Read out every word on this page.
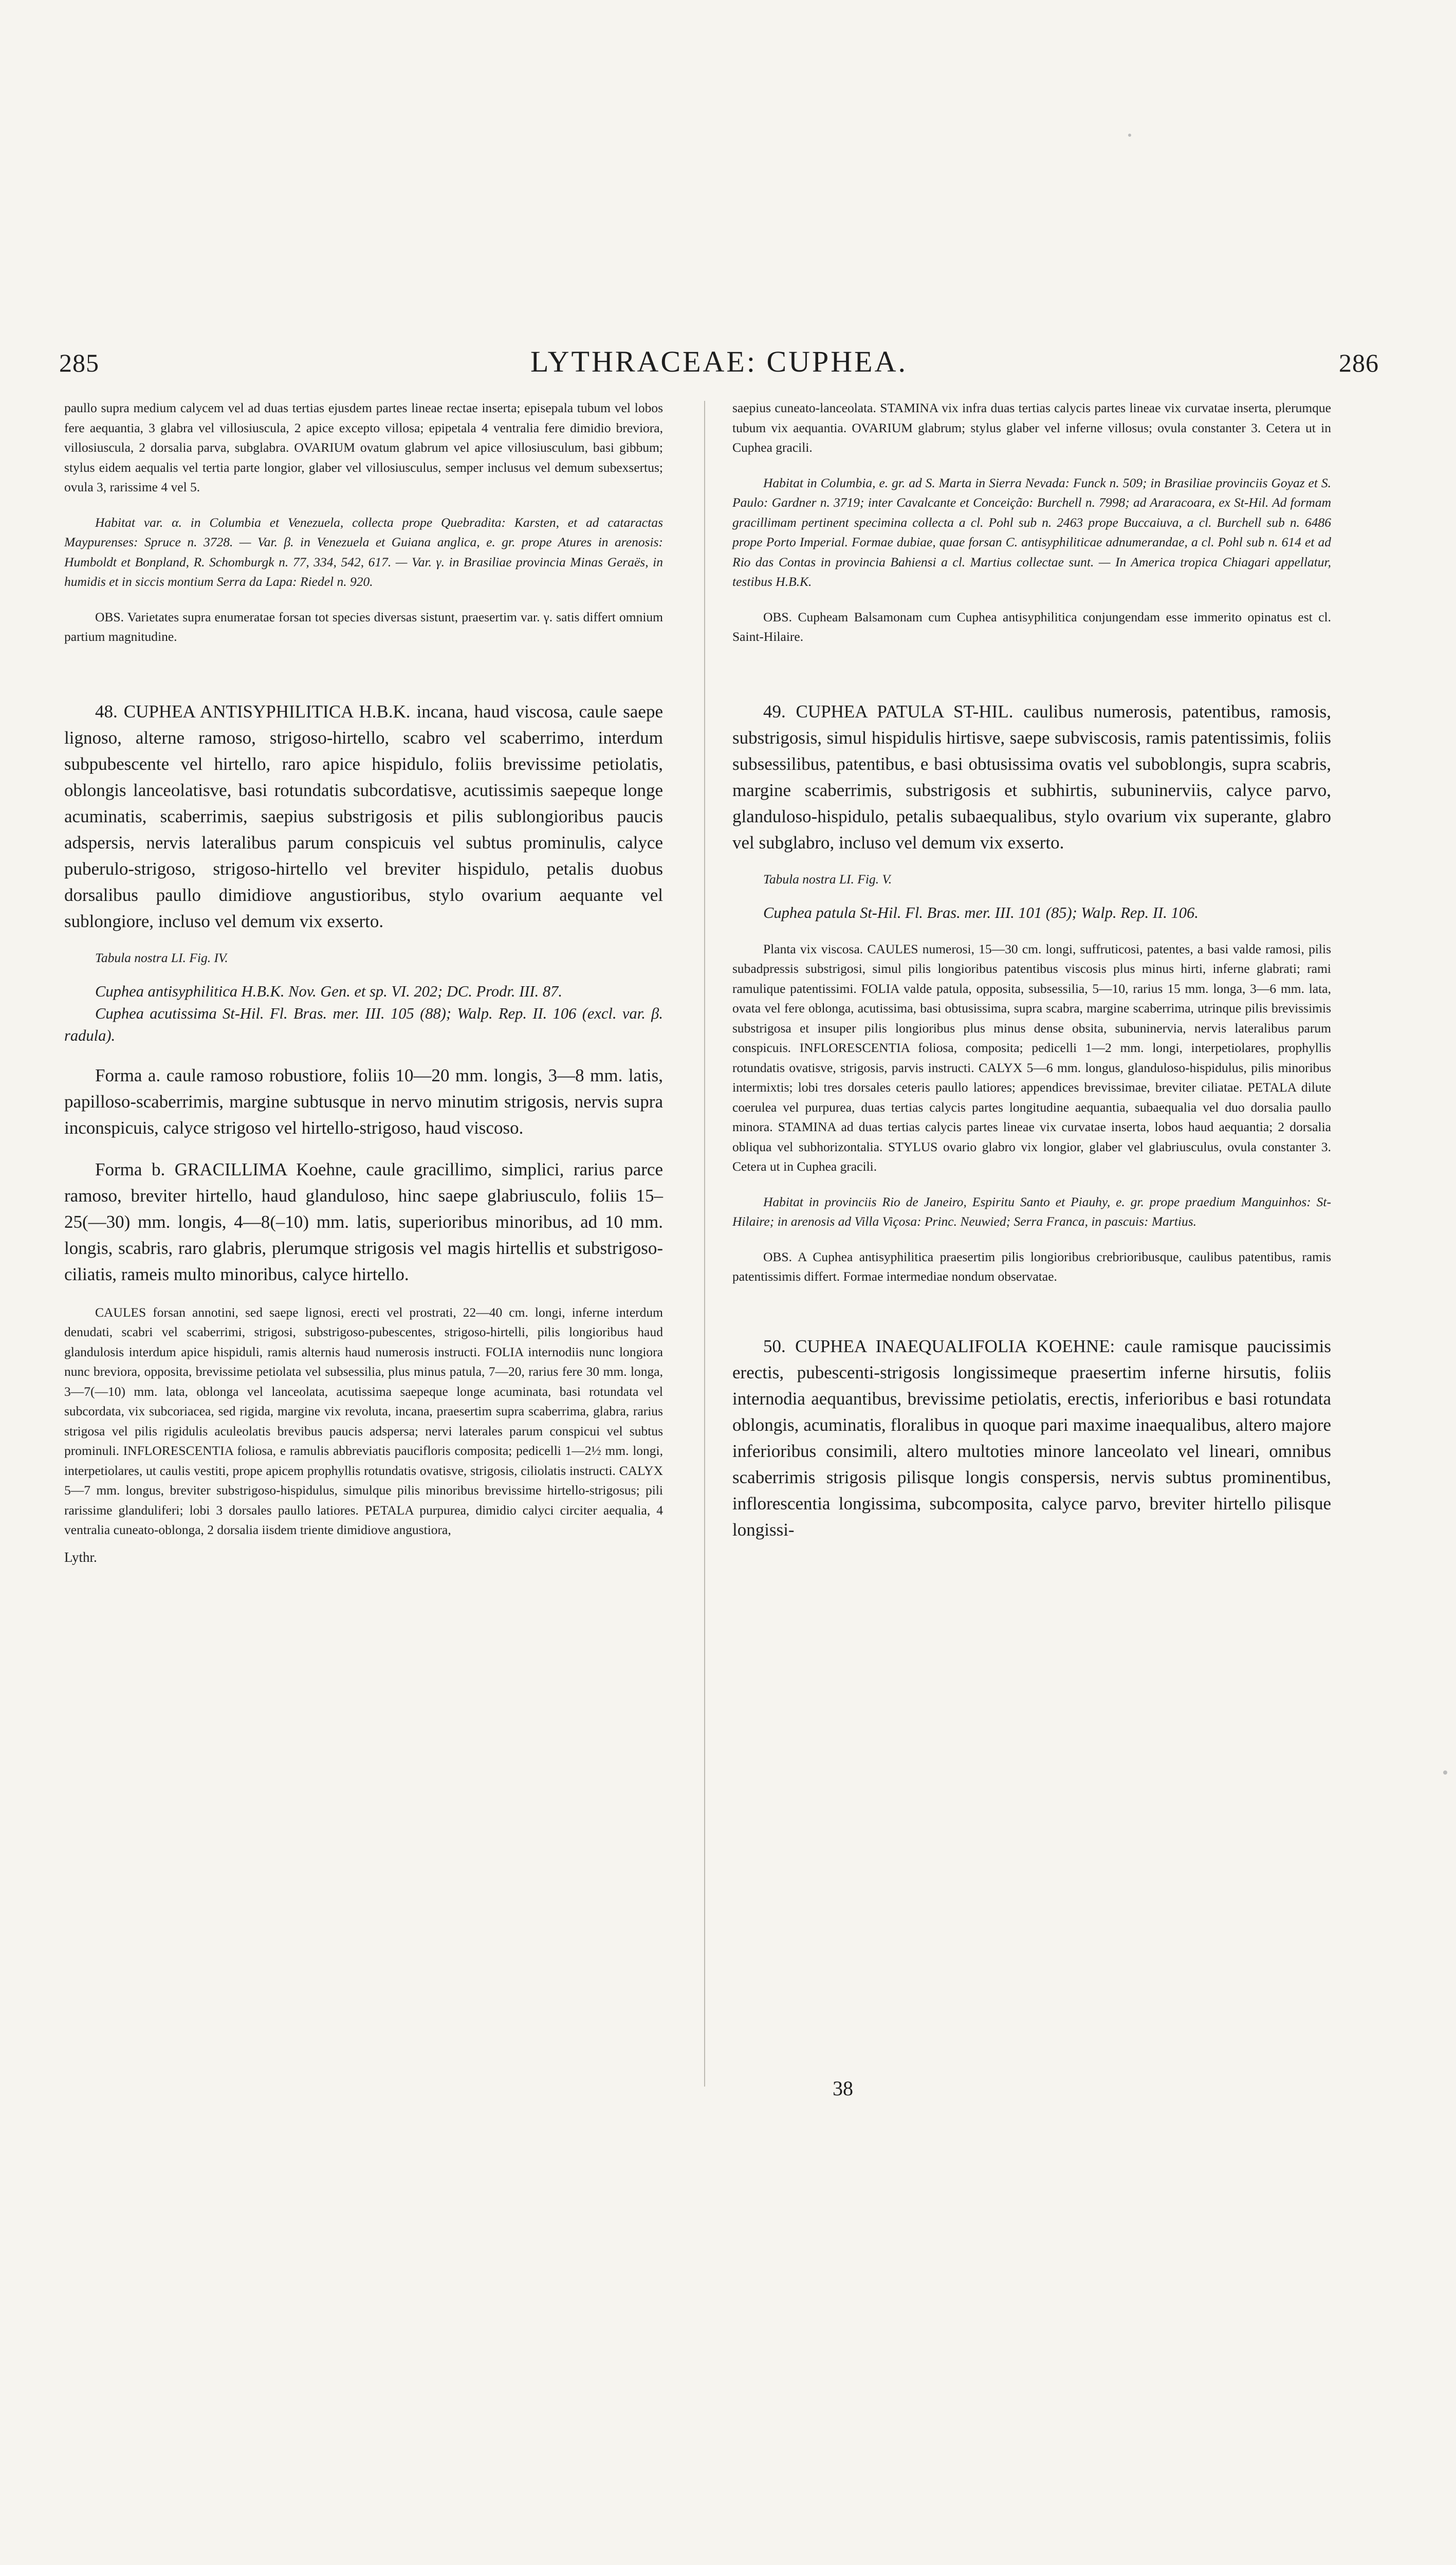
285	LYTHRACEAE: CUPHEA.	286

paullo supra medium calycem vel ad duas tertias ejusdem partes lineae rectae inserta; episepala tubum vel lobos fere aequantia, 3 glabra vel villosiuscula, 2 apice excepto villosa; epipetala 4 ventralia fere dimidio breviora, villosiuscula, 2 dorsalia parva, subglabra. OVARIUM ovatum glabrum vel apice villosiusculum, basi gibbum; stylus eidem aequalis vel tertia parte longior, glaber vel villosiusculus, semper inclusus vel demum subexsertus; ovula 3, rarissime 4 vel 5.

Habitat var. α. in Columbia et Venezuela, collecta prope Quebradita: Karsten, et ad cataractas Maypurenses: Spruce n. 3728. — Var. β. in Venezuela et Guiana anglica, e. gr. prope Atures in arenosis: Humboldt et Bonpland, R. Schomburgk n. 77, 334, 542, 617. — Var. γ. in Brasiliae provincia Minas Geraës, in humidis et in siccis montium Serra da Lapa: Riedel n. 920.

OBS. Varietates supra enumeratae forsan tot species diversas sistunt, praesertim var. γ. satis differt omnium partium magnitudine.

48. CUPHEA ANTISYPHILITICA H.B.K. incana, haud viscosa, caule saepe lignoso, alterne ramoso, strigoso-hirtello, scabro vel scaberrimo, interdum subpubescente vel hirtello, raro apice hispidulo, foliis brevissime petiolatis, oblongis lanceolatisve, basi rotundatis subcordatisve, acutissimis saepeque longe acuminatis, scaberrimis, saepius substrigosis et pilis sublongioribus paucis adspersis, nervis lateralibus parum conspicuis vel subtus prominulis, calyce puberulo-strigoso, strigoso-hirtello vel breviter hispidulo, petalis duobus dorsalibus paullo dimidiove angustioribus, stylo ovarium aequante vel sublongiore, incluso vel demum vix exserto.

Tabula nostra LI. Fig. IV.

Cuphea antisyphilitica H.B.K. Nov. Gen. et sp. VI. 202; DC. Prodr. III. 87.

Cuphea acutissima St-Hil. Fl. Bras. mer. III. 105 (88); Walp. Rep. II. 106 (excl. var. β. radula).

Forma a. caule ramoso robustiore, foliis 10—20 mm. longis, 3—8 mm. latis, papilloso-scaberrimis, margine subtusque in nervo minutim strigosis, nervis supra inconspicuis, calyce strigoso vel hirtello-strigoso, haud viscoso.

Forma b. GRACILLIMA Koehne, caule gracillimo, simplici, rarius parce ramoso, breviter hirtello, haud glanduloso, hinc saepe glabriusculo, foliis 15–25(—30) mm. longis, 4—8(–10) mm. latis, superioribus minoribus, ad 10 mm. longis, scabris, raro glabris, plerumque strigosis vel magis hirtellis et substrigoso-ciliatis, rameis multo minoribus, calyce hirtello.

CAULES forsan annotini, sed saepe lignosi, erecti vel prostrati, 22—40 cm. longi, inferne interdum denudati, scabri vel scaberrimi, strigosi, substrigoso-pubescentes, strigoso-hirtelli, pilis longioribus haud glandulosis interdum apice hispiduli, ramis alternis haud numerosis instructi. FOLIA internodiis nunc longiora nunc breviora, opposita, brevissime petiolata vel subsessilia, plus minus patula, 7—20, rarius fere 30 mm. longa, 3—7(—10) mm. lata, oblonga vel lanceolata, acutissima saepeque longe acuminata, basi rotundata vel subcordata, vix subcoriacea, sed rigida, margine vix revoluta, incana, praesertim supra scaberrima, glabra, rarius strigosa vel pilis rigidulis aculeolatis brevibus paucis adspersa; nervi laterales parum conspicui vel subtus prominuli. INFLORESCENTIA foliosa, e ramulis abbreviatis paucifloris composita; pedicelli 1—2½ mm. longi, interpetiolares, ut caulis vestiti, prope apicem prophyllis rotundatis ovatisve, strigosis, ciliolatis instructi. CALYX 5—7 mm. longus, breviter substrigoso-hispidulus, simulque pilis minoribus brevissime hirtello-strigosus; pili rarissime glanduliferi; lobi 3 dorsales paullo latiores. PETALA purpurea, dimidio calyci circiter aequalia, 4 ventralia cuneato-oblonga, 2 dorsalia iisdem triente dimidiove angustiora,

Lythr.

saepius cuneato-lanceolata. STAMINA vix infra duas tertias calycis partes lineae vix curvatae inserta, plerumque tubum vix aequantia. OVARIUM glabrum; stylus glaber vel inferne villosus; ovula constanter 3. Cetera ut in Cuphea gracili.

Habitat in Columbia, e. gr. ad S. Marta in Sierra Nevada: Funck n. 509; in Brasiliae provinciis Goyaz et S. Paulo: Gardner n. 3719; inter Cavalcante et Conceição: Burchell n. 7998; ad Araracoara, ex St-Hil. Ad formam gracillimam pertinent specimina collecta a cl. Pohl sub n. 2463 prope Buccaiuva, a cl. Burchell sub n. 6486 prope Porto Imperial. Formae dubiae, quae forsan C. antisyphiliticae adnumerandae, a cl. Pohl sub n. 614 et ad Rio das Contas in provincia Bahiensi a cl. Martius collectae sunt. — In America tropica Chiagari appellatur, testibus H.B.K.

OBS. Cupheam Balsamonam cum Cuphea antisyphilitica conjungendam esse immerito opinatus est cl. Saint-Hilaire.

49. CUPHEA PATULA ST-HIL. caulibus numerosis, patentibus, ramosis, substrigosis, simul hispidulis hirtisve, saepe subviscosis, ramis patentissimis, foliis subsessilibus, patentibus, e basi obtusissima ovatis vel suboblongis, supra scabris, margine scaberrimis, substrigosis et subhirtis, subuninerviis, calyce parvo, glanduloso-hispidulo, petalis subaequalibus, stylo ovarium vix superante, glabro vel subglabro, incluso vel demum vix exserto.

Tabula nostra LI. Fig. V.

Cuphea patula St-Hil. Fl. Bras. mer. III. 101 (85); Walp. Rep. II. 106.

Planta vix viscosa. CAULES numerosi, 15—30 cm. longi, suffruticosi, patentes, a basi valde ramosi, pilis subadpressis substrigosi, simul pilis longioribus patentibus viscosis plus minus hirti, inferne glabrati; rami ramulique patentissimi. FOLIA valde patula, opposita, subsessilia, 5—10, rarius 15 mm. longa, 3—6 mm. lata, ovata vel fere oblonga, acutissima, basi obtusissima, supra scabra, margine scaberrima, utrinque pilis brevissimis substrigosa et insuper pilis longioribus plus minus dense obsita, subuninervia, nervis lateralibus parum conspicuis. INFLORESCENTIA foliosa, composita; pedicelli 1—2 mm. longi, interpetiolares, prophyllis rotundatis ovatisve, strigosis, parvis instructi. CALYX 5—6 mm. longus, glanduloso-hispidulus, pilis minoribus intermixtis; lobi tres dorsales ceteris paullo latiores; appendices brevissimae, breviter ciliatae. PETALA dilute coerulea vel purpurea, duas tertias calycis partes longitudine aequantia, subaequalia vel duo dorsalia paullo minora. STAMINA ad duas tertias calycis partes lineae vix curvatae inserta, lobos haud aequantia; 2 dorsalia obliqua vel subhorizontalia. STYLUS ovario glabro vix longior, glaber vel glabriusculus, ovula constanter 3. Cetera ut in Cuphea gracili.

Habitat in provinciis Rio de Janeiro, Espiritu Santo et Piauhy, e. gr. prope praedium Manguinhos: St-Hilaire; in arenosis ad Villa Viçosa: Princ. Neuwied; Serra Franca, in pascuis: Martius.

OBS. A Cuphea antisyphilitica praesertim pilis longioribus crebrioribusque, caulibus patentibus, ramis patentissimis differt. Formae intermediae nondum observatae.

50. CUPHEA INAEQUALIFOLIA KOEHNE: caule ramisque paucissimis erectis, pubescenti-strigosis longissimeque praesertim inferne hirsutis, foliis internodia aequantibus, brevissime petiolatis, erectis, inferioribus e basi rotundata oblongis, acuminatis, floralibus in quoque pari maxime inaequalibus, altero majore inferioribus consimili, altero multoties minore lanceolato vel lineari, omnibus scaberrimis strigosis pilisque longis conspersis, nervis subtus prominentibus, inflorescentia longissima, subcomposita, calyce parvo, breviter hirtello pilisque longissi-

38
